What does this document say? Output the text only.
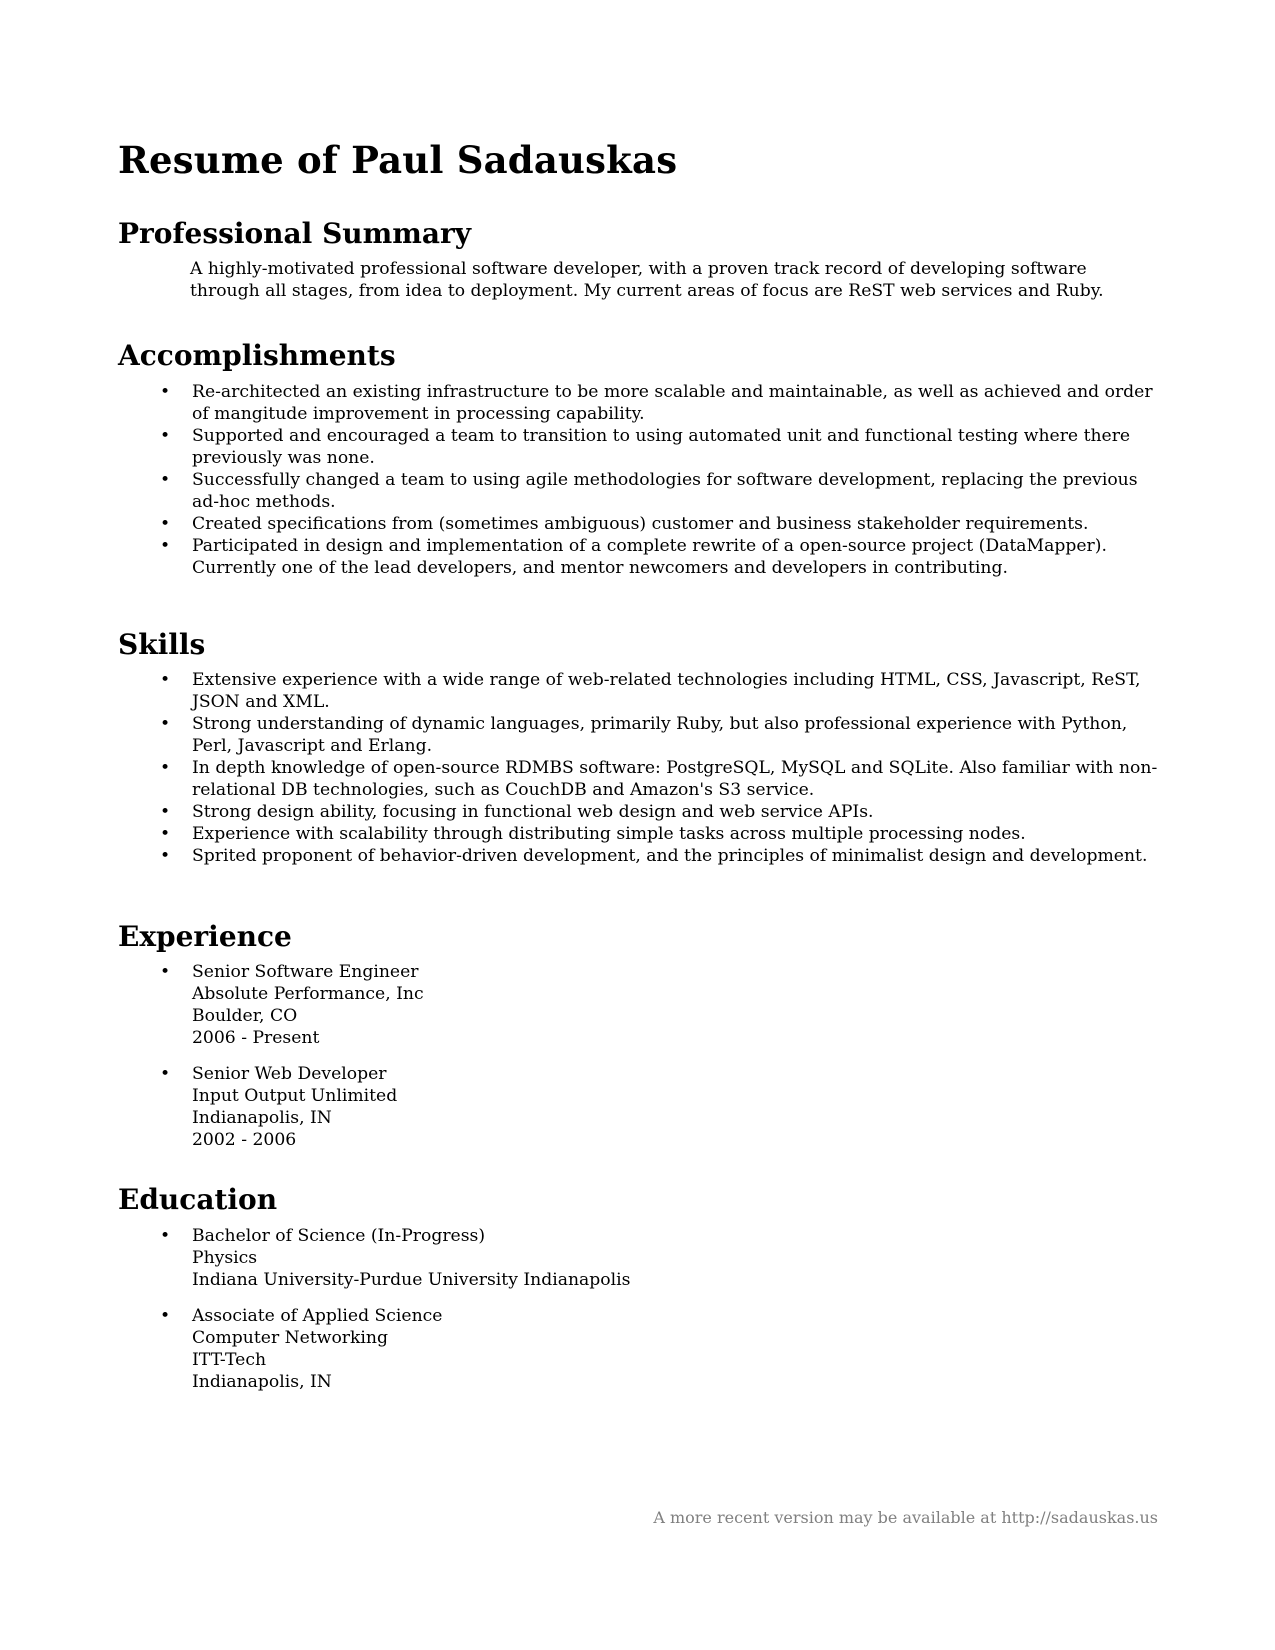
Resume of Paul Sadauskas
Professional Summary

A highly-motivated professional software developer, with a proven track record of developing software through all stages, from idea to deployment. My current areas of focus are ReST web services and Ruby.

Accomplishments
•	Re-architected an existing infrastructure to be more scalable and maintainable, as well as achieved and order of mangitude improvement in processing capability.
•	Supported and encouraged a team to transition to using automated unit and functional testing where there previously was none.
•	Successfully changed a team to using agile methodologies for software development, replacing the previous ad-hoc methods.
•	Created specifications from (sometimes ambiguous) customer and business stakeholder requirements.
•	Participated in design and implementation of a complete rewrite of a open-source project (DataMapper). Currently one of the lead developers, and mentor newcomers and developers in contributing.
Skills
•	Extensive experience with a wide range of web-related technologies including HTML, CSS, Javascript, ReST, JSON and XML.
•	Strong understanding of dynamic languages, primarily Ruby, but also professional experience with Python, Perl, Javascript and Erlang.
•	In depth knowledge of open-source RDMBS software: PostgreSQL, MySQL and SQLite. Also familiar with non-relational DB technologies, such as CouchDB and Amazon's S3 service.
•	Strong design ability, focusing in functional web design and web service APIs.
•	Experience with scalability through distributing simple tasks across multiple processing nodes.
•	Sprited proponent of behavior-driven development, and the principles of minimalist design and development.
Experience
•	Senior Software Engineer
Absolute Performance, Inc
Boulder, CO
2006 - Present
•	Senior Web Developer
Input Output Unlimited
Indianapolis, IN
2002 - 2006
Education
•	Bachelor of Science (In-Progress)
Physics
Indiana University-Purdue University Indianapolis
•	Associate of Applied Science
Computer Networking
ITT-Tech
Indianapolis, IN
A more recent version may be available at http://sadauskas.us
